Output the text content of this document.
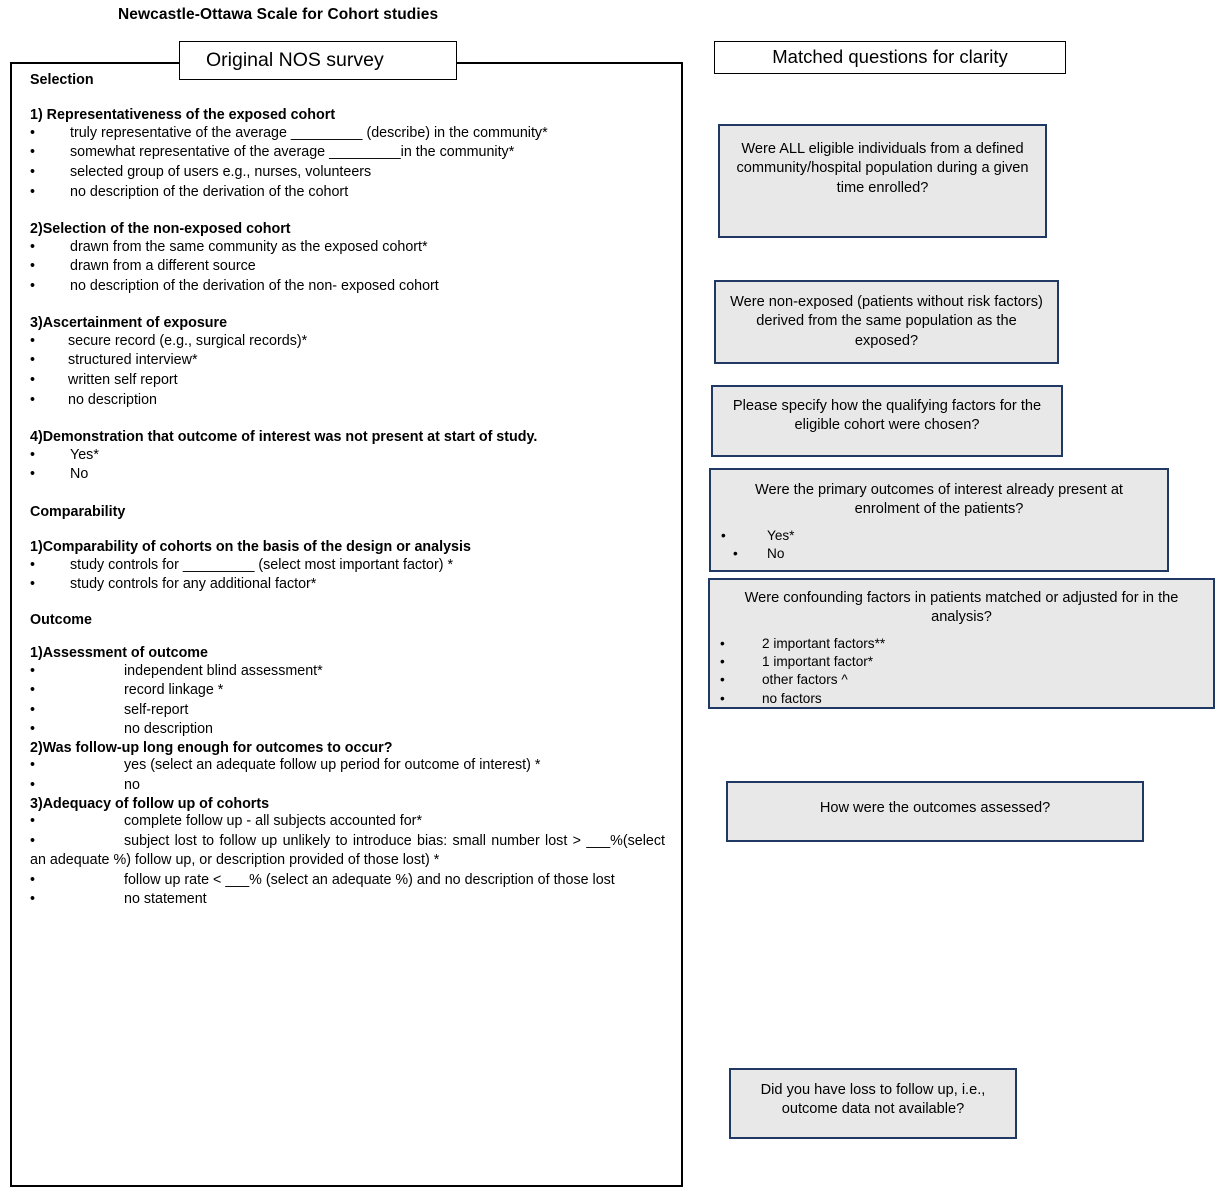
Newcastle-Ottawa Scale for Cohort studies
Selection
1) Representativeness of the exposed cohort
•	truly representative of the average _________ (describe) in the community*
•	somewhat representative of the average _________in the community*
•	selected group of users e.g., nurses, volunteers
•	no description of the derivation of the cohort
2)Selection of the non-exposed cohort
•	drawn from the same community as the exposed cohort*
•	drawn from a different source
•	no description of the derivation of the non- exposed cohort
3)Ascertainment of exposure
•	secure record (e.g., surgical records)*
•	structured interview*
•	written self report
•	no description
4)Demonstration that outcome of interest was not present at start of study.
•	Yes*
•	No
Comparability
1)Comparability of cohorts on the basis of the design or analysis
•	study controls for _________ (select most important factor) *
•	study controls for any additional factor*
Outcome
1)Assessment of outcome
•	independent blind assessment*
•	record linkage *
•	self-report
•	no description
2)Was follow-up long enough for outcomes to occur?
•	yes (select an adequate follow up period for outcome of interest) *
•	no
3)Adequacy of follow up of cohorts
•	complete follow up - all subjects accounted for*
•	subject lost to follow up unlikely to introduce bias: small number lost > ___%(select an adequate %) follow up, or description provided of those lost) *
•	follow up rate < ___% (select an adequate %) and no description of those lost
•	no statement
Original NOS survey	Matched questions for clarity
Were ALL eligible individuals from a defined community/hospital population during a given time enrolled?
Were non-exposed (patients without risk factors) derived from the same population as the exposed?
Please specify how the qualifying factors for the eligible cohort were chosen?
Were the primary outcomes of interest already present at enrolment of the patients?
•	Yes*
• No
Were confounding factors in patients matched or adjusted for in the analysis?
•	2 important factors**
•	1 important factor*
•	other factors ^
•	no factors
How were the outcomes assessed?
Did you have loss to follow up, i.e., outcome data not available?
